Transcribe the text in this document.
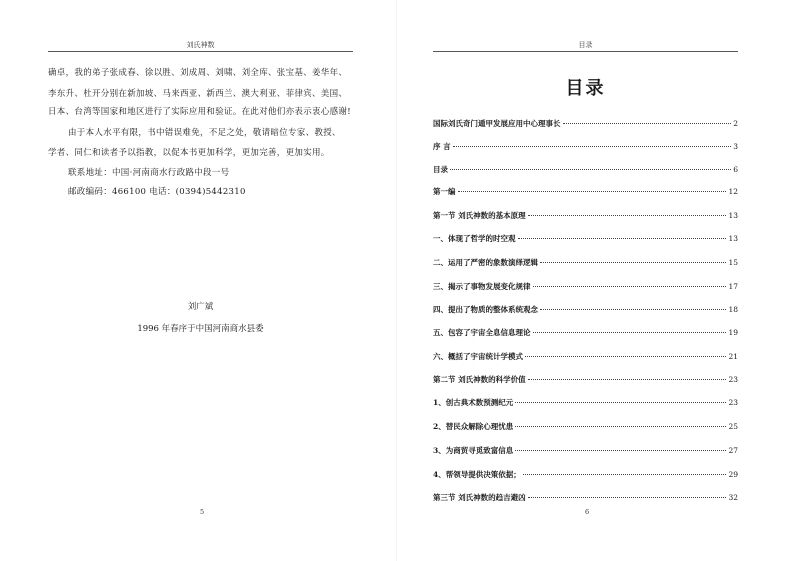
刘氏神数
确卓，我的弟子张成春、徐以胜、刘成周、刘啸、刘全库、张宝基、姜华年、
李东升、杜开分别在新加坡、马来西亚、新西兰、澳大利亚、菲律宾、美国、
日本、台湾等国家和地区进行了实际应用和验证。在此对他们亦表示衷心感谢!
由于本人水平有限，书中错误难免，不足之处，敬请暗位专家、教授、
学者、同仁和读者予以指教，以促本书更加科学，更加完善，更加实用。
联系地址：中国·河南商水行政路中段一号
邮政编码：466100 电话：(0394)5442310
刘广斌
1996 年春序于中国河南商水县委
5
目录
目录
国际刘氏奇门遁甲发展应用中心理事长	2
序 言	3
目录	6
第一编	12
第一节 刘氏神数的基本原理	13
一、体现了哲学的时空观	13
二、运用了严密的象数演绎逻辑	15
三、揭示了事物发展变化规律	17
四、提出了物质的整体系统观念	18
五、包容了宇宙全息信息理论	19
六、概括了宇宙统计学模式	21
第二节 刘氏神数的科学价值	23
1、创古典术数预测纪元	23
2、替民众解除心理忧患	25
3、为商贸寻觅致富信息	27
4、帮领导提供决策依据；	29
第三节 刘氏神数的趋吉避凶	32
6
